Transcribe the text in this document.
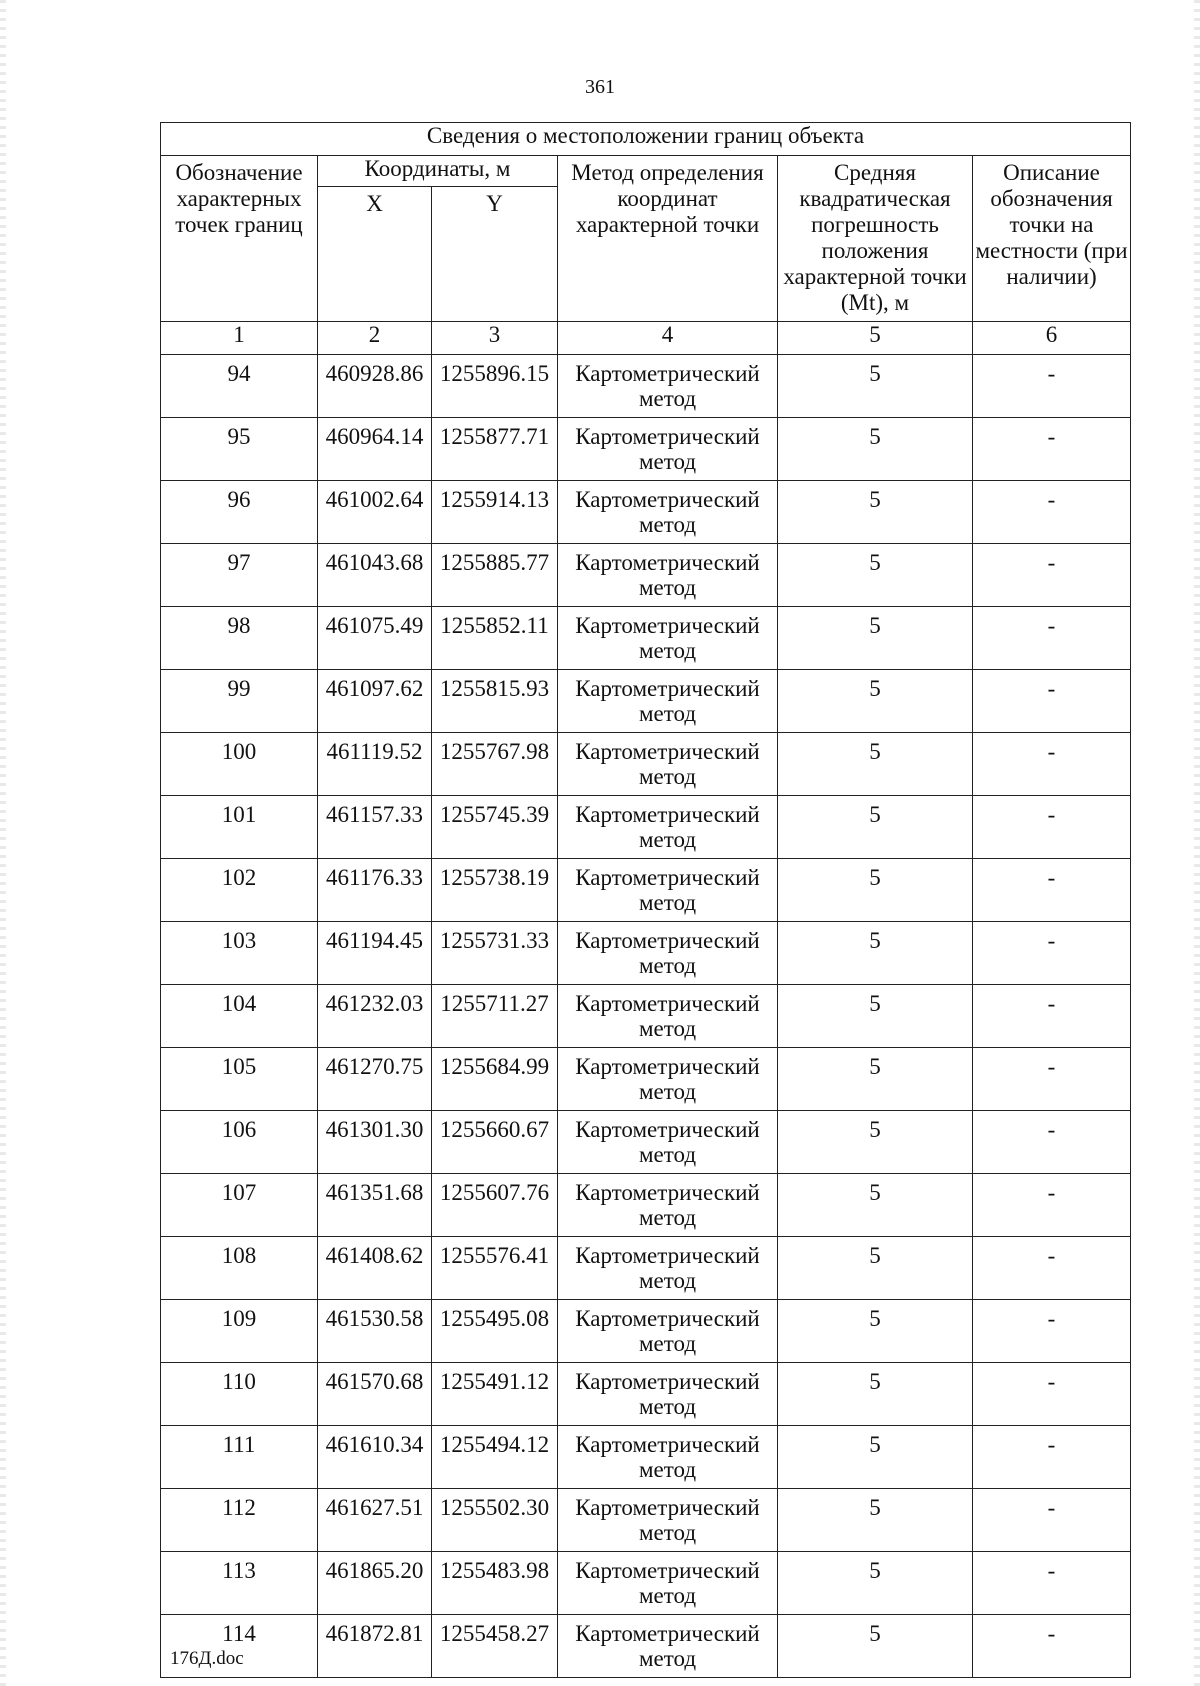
361
Сведения о местоположении границ объекта					
Обозначение характерных точек границ	Координаты, м		Метод определения координат характерной точки	Средняя квадратическая погрешность положения характерной точки (Mt), м	Описание обозначения точки на местности (при наличии)
	X	Y			
1	2	3	4	5	6
94	460928.86	1255896.15	Картометрический метод	5	-
95	460964.14	1255877.71	Картометрический метод	5	-
96	461002.64	1255914.13	Картометрический метод	5	-
97	461043.68	1255885.77	Картометрический метод	5	-
98	461075.49	1255852.11	Картометрический метод	5	-
99	461097.62	1255815.93	Картометрический метод	5	-
100	461119.52	1255767.98	Картометрический метод	5	-
101	461157.33	1255745.39	Картометрический метод	5	-
102	461176.33	1255738.19	Картометрический метод	5	-
103	461194.45	1255731.33	Картометрический метод	5	-
104	461232.03	1255711.27	Картометрический метод	5	-
105	461270.75	1255684.99	Картометрический метод	5	-
106	461301.30	1255660.67	Картометрический метод	5	-
107	461351.68	1255607.76	Картометрический метод	5	-
108	461408.62	1255576.41	Картометрический метод	5	-
109	461530.58	1255495.08	Картометрический метод	5	-
110	461570.68	1255491.12	Картометрический метод	5	-
111	461610.34	1255494.12	Картометрический метод	5	-
112	461627.51	1255502.30	Картометрический метод	5	-
113	461865.20	1255483.98	Картометрический метод	5	-
114	461872.81	1255458.27	Картометрический метод	5	-
176Д.doc
